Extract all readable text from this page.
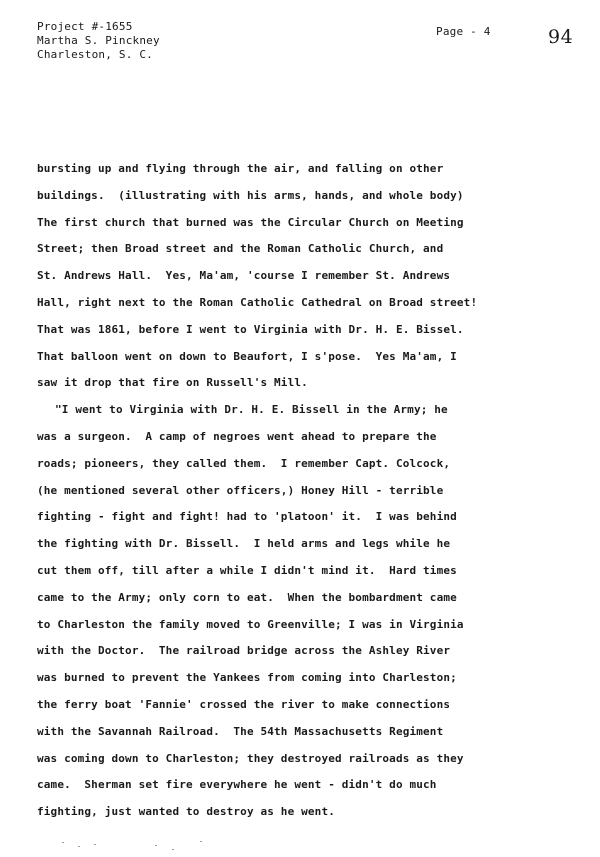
Project #-1655
Martha S. Pinckney
Charleston, S. C.
Page - 4	94
bursting up and flying through the air, and falling on other
buildings.  (illustrating with his arms, hands, and whole body)
The first church that burned was the Circular Church on Meeting
Street; then Broad street and the Roman Catholic Church, and
St. Andrews Hall.  Yes, Ma'am, 'course I remember St. Andrews
Hall, right next to the Roman Catholic Cathedral on Broad street!
That was 1861, before I went to Virginia with Dr. H. E. Bissel.
That balloon went on down to Beaufort, I s'pose.  Yes Ma'am, I
saw it drop that fire on Russell's Mill.
"I went to Virginia with Dr. H. E. Bissell in the Army; he
was a surgeon.  A camp of negroes went ahead to prepare the
roads; pioneers, they called them.  I remember Capt. Colcock,
(he mentioned several other officers,) Honey Hill - terrible
fighting - fight and fight! had to 'platoon' it.  I was behind
the fighting with Dr. Bissell.  I held arms and legs while he
cut them off, till after a while I didn't mind it.  Hard times
came to the Army; only corn to eat.  When the bombardment came
to Charleston the family moved to Greenville; I was in Virginia
with the Doctor.  The railroad bridge across the Ashley River
was burned to prevent the Yankees from coming into Charleston;
the ferry boat 'Fannie' crossed the river to make connections
with the Savannah Railroad.  The 54th Massachusetts Regiment
was coming down to Charleston; they destroyed railroads as they
came.  Sherman set fire everywhere he went - didn't do much
fighting, just wanted to destroy as he went.
